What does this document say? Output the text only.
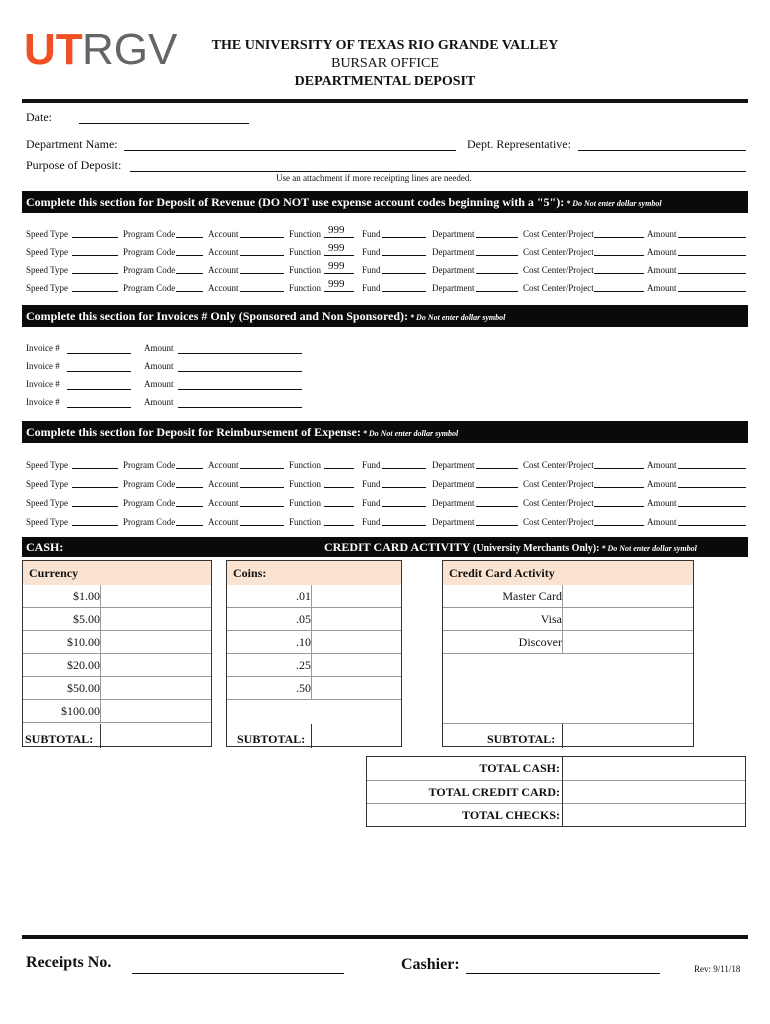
UT RGV	THE UNIVERSITY OF TEXAS RIO GRANDE VALLEY
BURSAR OFFICE
DEPARTMENTAL DEPOSIT
Date:
Department Name:	Dept. Representative:
Purpose of Deposit:
Use an attachment if more receipting lines are needed.
Complete this section for Deposit of Revenue (DO NOT use expense account codes beginning with a "5"): * Do Not enter dollar symbol
Speed Type	Program Code	Account	Function 999 Fund	Department	Cost Center/Project	Amount
Speed Type	Program Code	Account	Function 999 Fund	Department	Cost Center/Project	Amount
Speed Type	Program Code	Account	Function 999 Fund	Department	Cost Center/Project	Amount
Speed Type	Program Code	Account	Function 999 Fund	Department	Cost Center/Project	Amount
Complete this section for Invoices # Only (Sponsored and Non Sponsored): * Do Not enter dollar symbol
Invoice #	Amount
Invoice #	Amount
Invoice #	Amount
Invoice #	Amount
Complete this section for Deposit for Reimbursement of Expense: * Do Not enter dollar symbol
Speed Type	Program Code	Account	Function	Fund	Department	Cost Center/Project	Amount
Speed Type	Program Code	Account	Function	Fund	Department	Cost Center/Project	Amount
Speed Type	Program Code	Account	Function	Fund	Department	Cost Center/Project	Amount
Speed Type	Program Code	Account	Function	Fund	Department	Cost Center/Project	Amount
CASH:	CREDIT CARD ACTIVITY (University Merchants Only): * Do Not enter dollar symbol
Currency
$1.00
$5.00
$10.00
$20.00
$50.00
$100.00
SUBTOTAL:
Coins:
.01
.05
.10
.25
.50
SUBTOTAL:
Credit Card Activity
Master Card
Visa
Discover
SUBTOTAL:
TOTAL CASH:
TOTAL CREDIT CARD:
TOTAL CHECKS:
Receipts No.	Cashier:	Rev: 9/11/18
